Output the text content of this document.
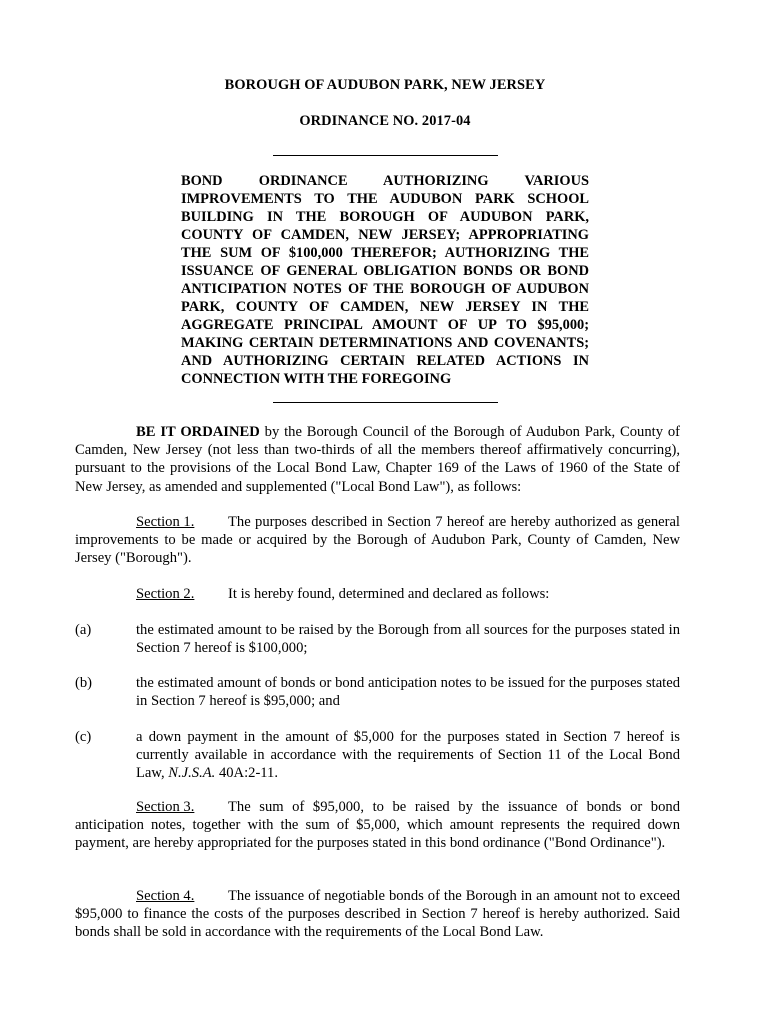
BOROUGH OF AUDUBON PARK, NEW JERSEY
ORDINANCE NO. 2017-04
BOND ORDINANCE AUTHORIZING VARIOUS IMPROVEMENTS TO THE AUDUBON PARK SCHOOL BUILDING IN THE BOROUGH OF AUDUBON PARK, COUNTY OF CAMDEN, NEW JERSEY; APPROPRIATING THE SUM OF $100,000 THEREFOR; AUTHORIZING THE ISSUANCE OF GENERAL OBLIGATION BONDS OR BOND ANTICIPATION NOTES OF THE BOROUGH OF AUDUBON PARK, COUNTY OF CAMDEN, NEW JERSEY IN THE AGGREGATE PRINCIPAL AMOUNT OF UP TO $95,000; MAKING CERTAIN DETERMINATIONS AND COVENANTS; AND AUTHORIZING CERTAIN RELATED ACTIONS IN CONNECTION WITH THE FOREGOING
BE IT ORDAINED by the Borough Council of the Borough of Audubon Park, County of Camden, New Jersey (not less than two-thirds of all the members thereof affirmatively concurring), pursuant to the provisions of the Local Bond Law, Chapter 169 of the Laws of 1960 of the State of New Jersey, as amended and supplemented ("Local Bond Law"), as follows:
Section 1. The purposes described in Section 7 hereof are hereby authorized as general improvements to be made or acquired by the Borough of Audubon Park, County of Camden, New Jersey ("Borough").
Section 2. It is hereby found, determined and declared as follows:
(a)	the estimated amount to be raised by the Borough from all sources for the purposes stated in Section 7 hereof is $100,000;
(b)	the estimated amount of bonds or bond anticipation notes to be issued for the purposes stated in Section 7 hereof is $95,000; and
(c)	a down payment in the amount of $5,000 for the purposes stated in Section 7 hereof is currently available in accordance with the requirements of Section 11 of the Local Bond Law, N.J.S.A. 40A:2-11.
Section 3. The sum of $95,000, to be raised by the issuance of bonds or bond anticipation notes, together with the sum of $5,000, which amount represents the required down payment, are hereby appropriated for the purposes stated in this bond ordinance ("Bond Ordinance").
Section 4. The issuance of negotiable bonds of the Borough in an amount not to exceed $95,000 to finance the costs of the purposes described in Section 7 hereof is hereby authorized. Said bonds shall be sold in accordance with the requirements of the Local Bond Law.
